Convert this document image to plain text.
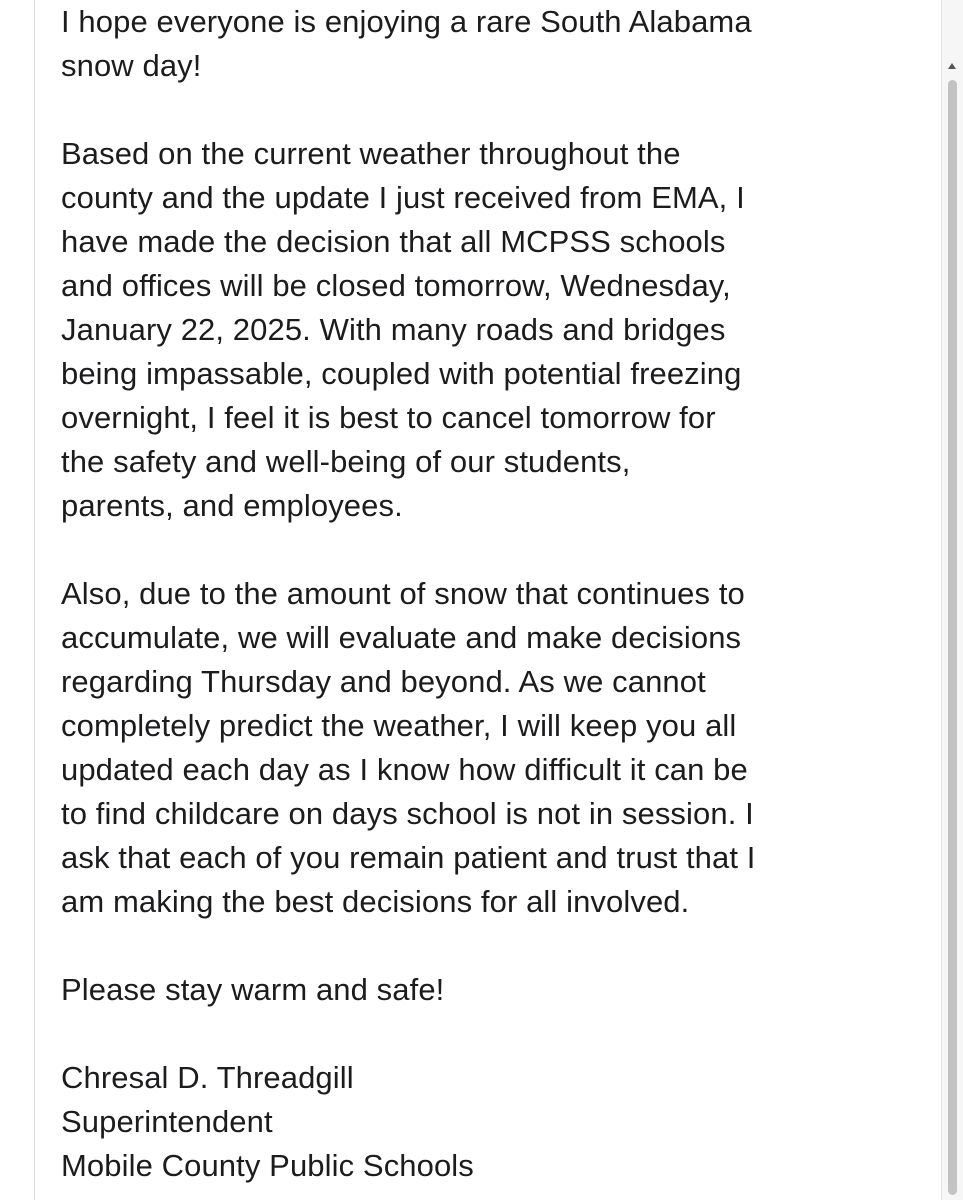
I hope everyone is enjoying a rare South Alabama

snow day!

Based on the current weather throughout the

county and the update I just received from EMA, I

have made the decision that all MCPSS schools

and offices will be closed tomorrow, Wednesday,

January 22, 2025. With many roads and bridges

being impassable, coupled with potential freezing

overnight, I feel it is best to cancel tomorrow for

the safety and well-being of our students,

parents, and employees.

Also, due to the amount of snow that continues to

accumulate, we will evaluate and make decisions

regarding Thursday and beyond. As we cannot

completely predict the weather, I will keep you all

updated each day as I know how difficult it can be

to find childcare on days school is not in session. I

ask that each of you remain patient and trust that I

am making the best decisions for all involved.

Please stay warm and safe!

Chresal D. Threadgill

Superintendent

Mobile County Public Schools
